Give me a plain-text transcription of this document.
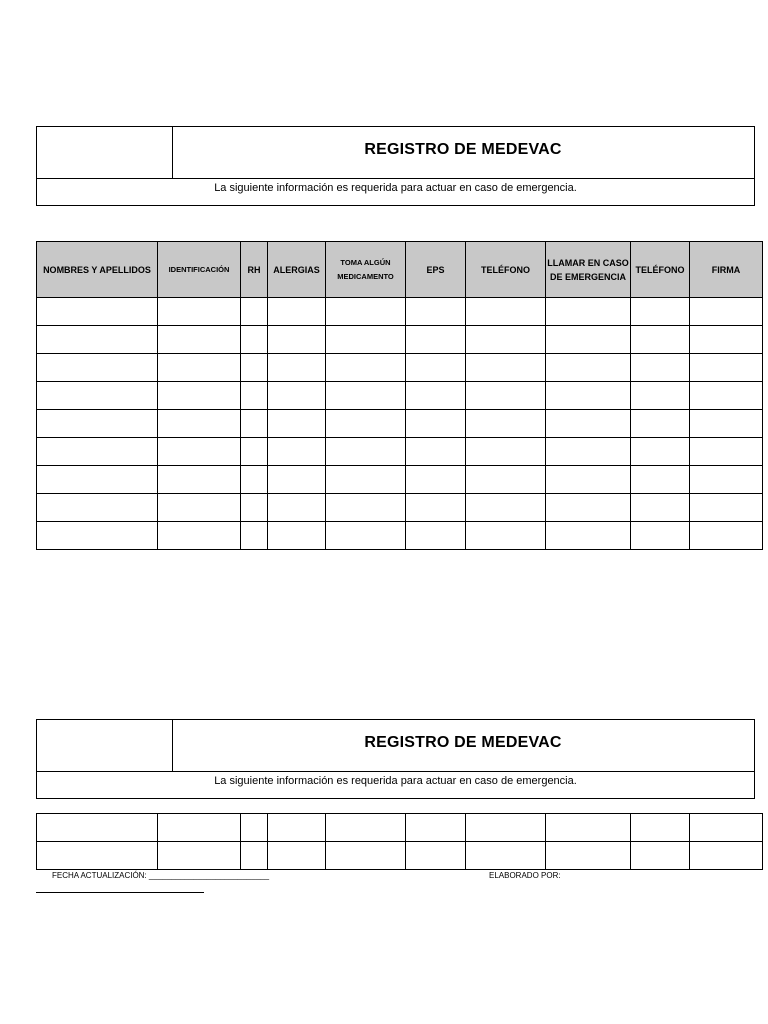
REGISTRO DE MEDEVAC
La siguiente información es requerida para actuar en caso de emergencia.
NOMBRES Y APELLIDOS	IDENTIFICACIÓN	RH	ALERGIAS	TOMA ALGÚN MEDICAMENTO	EPS	TELÉFONO	LLAMAR EN CASO DE EMERGENCIA	TELÉFONO	FIRMA

REGISTRO DE MEDEVAC
La siguiente información es requerida para actuar en caso de emergencia.

FECHA ACTUALIZACIÓN: ___________________________	ELABORADO POR:
